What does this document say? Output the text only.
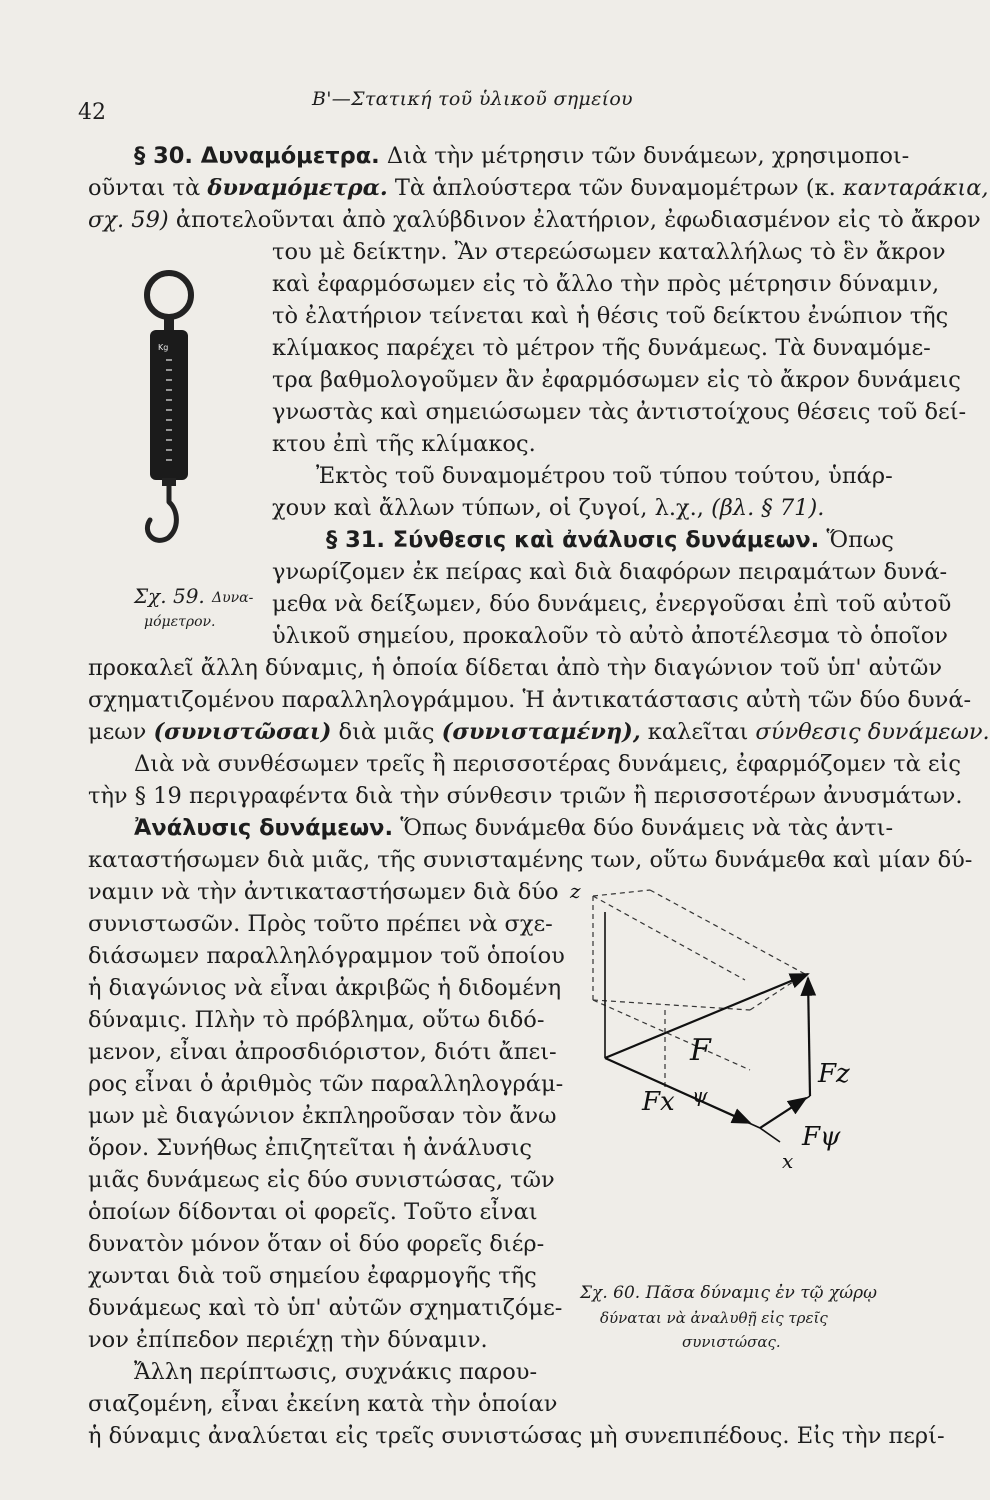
42
Β'—Στατική τοῦ ὑλικοῦ σημείου
§ 30. Δυναμόμετρα. Διὰ τὴν μέτρησιν τῶν δυνάμεων, χρησιμοποι-
οῦνται τὰ δυναμόμετρα. Τὰ ἁπλούστερα τῶν δυναμομέτρων (κ. κανταράκια,
σχ. 59) ἀποτελοῦνται ἀπὸ χαλύβδινον ἐλατήριον, ἐφωδιασμένον εἰς τὸ ἄκρον
του μὲ δείκτην. Ἂν στερεώσωμεν καταλλήλως τὸ ἓν ἄκρον
καὶ ἐφαρμόσωμεν εἰς τὸ ἄλλο τὴν πρὸς μέτρησιν δύναμιν,
τὸ ἐλατήριον τείνεται καὶ ἡ θέσις τοῦ δείκτου ἐνώπιον τῆς
κλίμακος παρέχει τὸ μέτρον τῆς δυνάμεως. Τὰ δυναμόμε-
τρα βαθμολογοῦμεν ἂν ἐφαρμόσωμεν εἰς τὸ ἄκρον δυνάμεις
γνωστὰς καὶ σημειώσωμεν τὰς ἀντιστοίχους θέσεις τοῦ δεί-
κτου ἐπὶ τῆς κλίμακος.
Ἐκτὸς τοῦ δυναμομέτρου τοῦ τύπου τούτου, ὑπάρ-
χουν καὶ ἄλλων τύπων, οἱ ζυγοί, λ.χ., (βλ. § 71).
§ 31. Σύνθεσις καὶ ἀνάλυσις δυνάμεων. Ὅπως
γνωρίζομεν ἐκ πείρας καὶ διὰ διαφόρων πειραμάτων δυνά-
μεθα νὰ δείξωμεν, δύο δυνάμεις, ἐνεργοῦσαι ἐπὶ τοῦ αὐτοῦ
ὑλικοῦ σημείου, προκαλοῦν τὸ αὐτὸ ἀποτέλεσμα τὸ ὁποῖον
προκαλεῖ ἄλλη δύναμις, ἡ ὁποία δίδεται ἀπὸ τὴν διαγώνιον τοῦ ὑπ' αὐτῶν
σχηματιζομένου παραλληλογράμμου. Ἡ ἀντικατάστασις αὐτὴ τῶν δύο δυνά-
μεων (συνιστῶσαι) διὰ μιᾶς (συνισταμένη), καλεῖται σύνθεσις δυνάμεων.
Διὰ νὰ συνθέσωμεν τρεῖς ἢ περισσοτέρας δυνάμεις, ἐφαρμόζομεν τὰ εἰς
τὴν § 19 περιγραφέντα διὰ τὴν σύνθεσιν τριῶν ἢ περισσοτέρων ἀνυσμάτων.
Ἀνάλυσις δυνάμεων. Ὅπως δυνάμεθα δύο δυνάμεις νὰ τὰς ἀντι-
καταστήσωμεν διὰ μιᾶς, τῆς συνισταμένης των, οὕτω δυνάμεθα καὶ μίαν δύ-
ναμιν νὰ τὴν ἀντικαταστήσωμεν διὰ δύο
συνιστωσῶν. Πρὸς τοῦτο πρέπει νὰ σχε-
διάσωμεν παραλληλόγραμμον τοῦ ὁποίου
ἡ διαγώνιος νὰ εἶναι ἀκριβῶς ἡ διδομένη
δύναμις. Πλὴν τὸ πρόβλημα, οὕτω διδό-
μενον, εἶναι ἀπροσδιόριστον, διότι ἄπει-
ρος εἶναι ὁ ἀριθμὸς τῶν παραλληλογράμ-
μων μὲ διαγώνιον ἐκπληροῦσαν τὸν ἄνω
ὅρον. Συνήθως ἐπιζητεῖται ἡ ἀνάλυσις
μιᾶς δυνάμεως εἰς δύο συνιστώσας, τῶν
ὁποίων δίδονται οἱ φορεῖς. Τοῦτο εἶναι
δυνατὸν μόνον ὅταν οἱ δύο φορεῖς διέρ-
χωνται διὰ τοῦ σημείου ἐφαρμογῆς τῆς
δυνάμεως καὶ τὸ ὑπ' αὐτῶν σχηματιζόμε-
νον ἐπίπεδον περιέχῃ τὴν δύναμιν.
Ἄλλη περίπτωσις, συχνάκις παρου-
σιαζομένη, εἶναι ἐκείνη κατὰ τὴν ὁποίαν
ἡ δύναμις ἀναλύεται εἰς τρεῖς συνιστώσας μὴ συνεπιπέδους. Εἰς τὴν περί-
Kg
Σχ. 59. Δυνα-
μόμετρον.
z
x
F
Fz
Fx
Fψ
ψ
Σχ. 60. Πᾶσα δύναμις ἐν τῷ χώρῳ
δύναται νὰ ἀναλυθῇ εἰς τρεῖς
συνιστώσας.
